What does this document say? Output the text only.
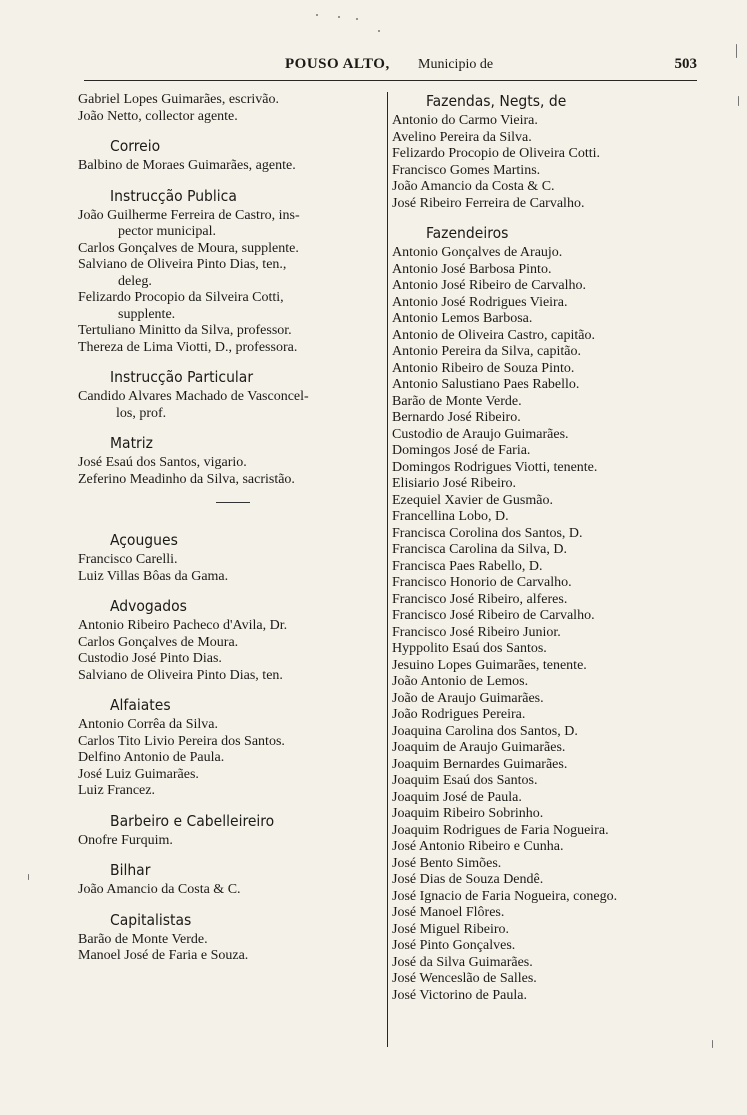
POUSO ALTO, Municipio de	503
Gabriel Lopes Guimarães, escrivão.
João Netto, collector agente.
Correio
Balbino de Moraes Guimarães, agente.
Instrucção Publica
João Guilherme Ferreira de Castro, ins-
pector municipal.
Carlos Gonçalves de Moura, supplente.
Salviano de Oliveira Pinto Dias, ten.,
deleg.
Felizardo Procopio da Silveira Cotti,
supplente.
Tertuliano Minitto da Silva, professor.
Thereza de Lima Viotti, D., professora.
Instrucção Particular
Candido Alvares Machado de Vasconcel-
los, prof.
Matriz
José Esaú dos Santos, vigario.
Zeferino Meadinho da Silva, sacristão.
Açougues
Francisco Carelli.
Luiz Villas Bôas da Gama.
Advogados
Antonio Ribeiro Pacheco d'Avila, Dr.
Carlos Gonçalves de Moura.
Custodio José Pinto Dias.
Salviano de Oliveira Pinto Dias, ten.
Alfaiates
Antonio Corrêa da Silva.
Carlos Tito Livio Pereira dos Santos.
Delfino Antonio de Paula.
José Luiz Guimarães.
Luiz Francez.
Barbeiro e Cabelleireiro
Onofre Furquim.
Bilhar
João Amancio da Costa & C.
Capitalistas
Barão de Monte Verde.
Manoel José de Faria e Souza.
Fazendas, Negts, de
Antonio do Carmo Vieira.
Avelino Pereira da Silva.
Felizardo Procopio de Oliveira Cotti.
Francisco Gomes Martins.
João Amancio da Costa & C.
José Ribeiro Ferreira de Carvalho.
Fazendeiros
Antonio Gonçalves de Araujo.
Antonio José Barbosa Pinto.
Antonio José Ribeiro de Carvalho.
Antonio José Rodrigues Vieira.
Antonio Lemos Barbosa.
Antonio de Oliveira Castro, capitão.
Antonio Pereira da Silva, capitão.
Antonio Ribeiro de Souza Pinto.
Antonio Salustiano Paes Rabello.
Barão de Monte Verde.
Bernardo José Ribeiro.
Custodio de Araujo Guimarães.
Domingos José de Faria.
Domingos Rodrigues Viotti, tenente.
Elisiario José Ribeiro.
Ezequiel Xavier de Gusmão.
Francellina Lobo, D.
Francisca Corolina dos Santos, D.
Francisca Carolina da Silva, D.
Francisca Paes Rabello, D.
Francisco Honorio de Carvalho.
Francisco José Ribeiro, alferes.
Francisco José Ribeiro de Carvalho.
Francisco José Ribeiro Junior.
Hyppolito Esaú dos Santos.
Jesuino Lopes Guimarães, tenente.
João Antonio de Lemos.
João de Araujo Guimarães.
João Rodrigues Pereira.
Joaquina Carolina dos Santos, D.
Joaquim de Araujo Guimarães.
Joaquim Bernardes Guimarães.
Joaquim Esaú dos Santos.
Joaquim José de Paula.
Joaquim Ribeiro Sobrinho.
Joaquim Rodrigues de Faria Nogueira.
José Antonio Ribeiro e Cunha.
José Bento Simões.
José Dias de Souza Dendê.
José Ignacio de Faria Nogueira, conego.
José Manoel Flôres.
José Miguel Ribeiro.
José Pinto Gonçalves.
José da Silva Guimarães.
José Wenceslão de Salles.
José Victorino de Paula.
